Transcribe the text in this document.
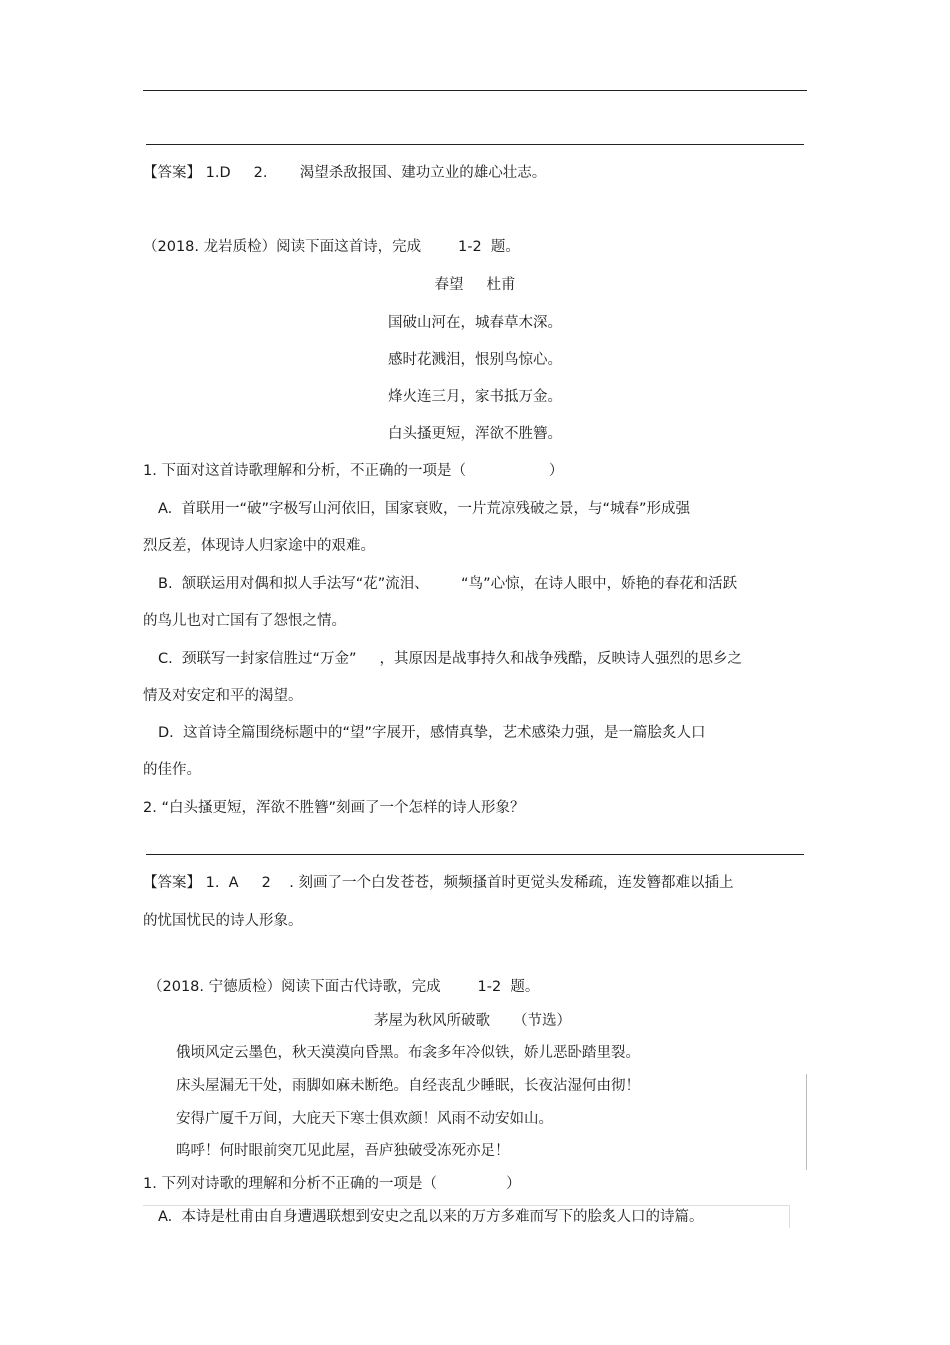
【答案】 1.D     2.       渴望杀敌报国、建功立业的雄心壮志。
（2018. 龙岩质检）阅读下面这首诗，完成        1-2  题。
春望     杜甫
国破山河在，城春草木深。
感时花溅泪，恨别鸟惊心。
烽火连三月，家书抵万金。
白头搔更短，浑欲不胜簪。
1. 下面对这首诗歌理解和分析，不正确的一项是（                  ）
A.  首联用一“破”字极写山河依旧，国家衰败，一片荒凉残破之景，与“城春”形成强
烈反差，体现诗人归家途中的艰难。
B.  颔联运用对偶和拟人手法写“花”流泪、       “鸟”心惊，在诗人眼中，娇艳的春花和活跃
的鸟儿也对亡国有了怨恨之情。
C.  颈联写一封家信胜过“万金”     ，其原因是战事持久和战争残酷，反映诗人强烈的思乡之
情及对安定和平的渴望。
D.  这首诗全篇围绕标题中的“望”字展开，感情真挚，艺术感染力强，是一篇脍炙人口
的佳作。
2. “白头搔更短，浑欲不胜簪”刻画了一个怎样的诗人形象？
【答案】 1.  A     2    . 刻画了一个白发苍苍，频频搔首时更觉头发稀疏，连发簪都难以插上
的忧国忧民的诗人形象。
（2018. 宁德质检）阅读下面古代诗歌，完成        1-2  题。
茅屋为秋风所破歌     （节选）
俄顷风定云墨色，秋天漠漠向昏黑。布衾多年冷似铁，娇儿恶卧踏里裂。
床头屋漏无干处，雨脚如麻未断绝。自经丧乱少睡眠，长夜沾湿何由彻！
安得广厦千万间，大庇天下寒士俱欢颜！风雨不动安如山。
呜呼！何时眼前突兀见此屋，吾庐独破受冻死亦足！
1. 下列对诗歌的理解和分析不正确的一项是（               ）
A.  本诗是杜甫由自身遭遇联想到安史之乱以来的万方多难而写下的脍炙人口的诗篇。
